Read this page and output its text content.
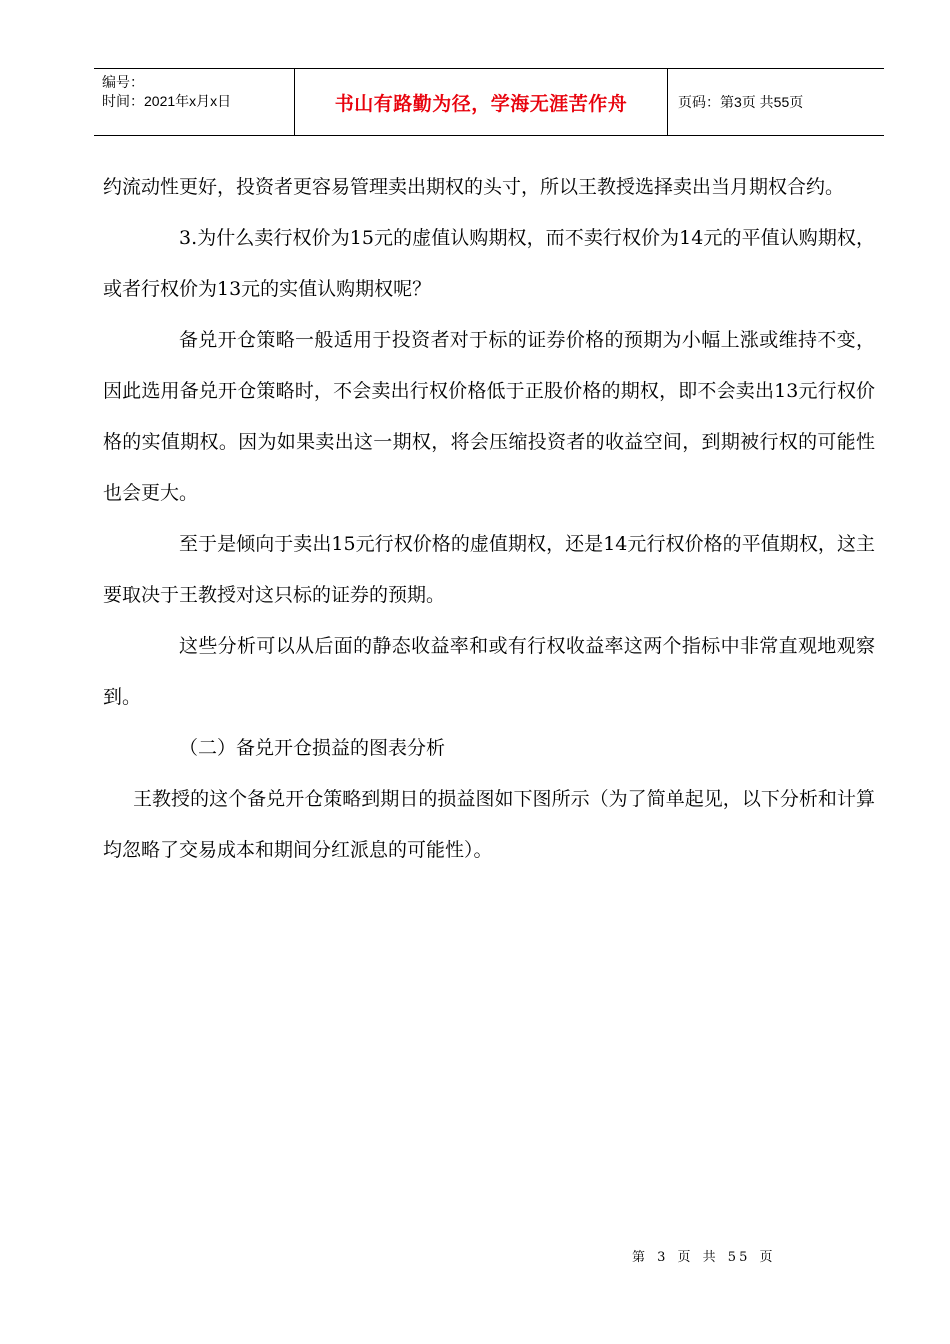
编号：
时间：2021年x月x日	书山有路勤为径，学海无涯苦作舟	页码：第3页 共55页

约流动性更好，投资者更容易管理卖出期权的头寸，所以王教授选择卖出当月期权合约。

3.为什么卖行权价为15元的虚值认购期权，而不卖行权价为14元的平值认购期权，或者行权价为13元的实值认购期权呢？

备兑开仓策略一般适用于投资者对于标的证券价格的预期为小幅上涨或维持不变，因此选用备兑开仓策略时，不会卖出行权价格低于正股价格的期权，即不会卖出13元行权价格的实值期权。因为如果卖出这一期权，将会压缩投资者的收益空间，到期被行权的可能性也会更大。

至于是倾向于卖出15元行权价格的虚值期权，还是14元行权价格的平值期权，这主要取决于王教授对这只标的证券的预期。

这些分析可以从后面的静态收益率和或有行权收益率这两个指标中非常直观地观察到。

（二）备兑开仓损益的图表分析

王教授的这个备兑开仓策略到期日的损益图如下图所示（为了简单起见，以下分析和计算均忽略了交易成本和期间分红派息的可能性）。

第 3 页 共 55 页
